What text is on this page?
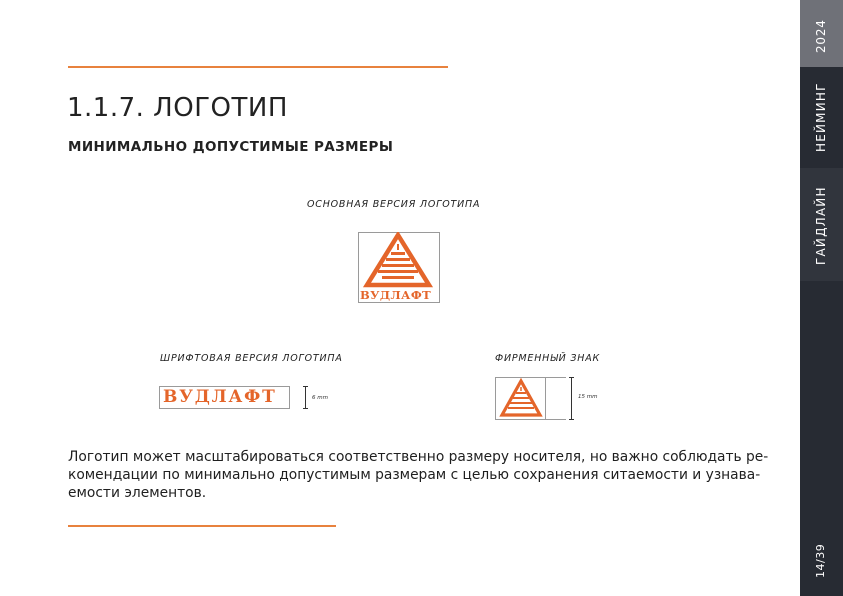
1.1.7. ЛОГОТИП
МИНИМАЛЬНО ДОПУСТИМЫЕ РАЗМЕРЫ
ОСНОВНАЯ ВЕРСИЯ ЛОГОТИПА
ВУДЛАФТ
ШРИФТОВАЯ ВЕРСИЯ ЛОГОТИПА
ВУДЛАФТ	6 mm
ФИРМЕННЫЙ ЗНАК
15 mm
Логотип может масштабироваться соответственно размеру носителя, но важно соблюдать ре-
комендации по минимально допустимым размерам с целью сохранения ситаемости и узнава-
емости элементов.
2024
НЕЙМИНГ
ГАЙДЛАЙН
14/39
